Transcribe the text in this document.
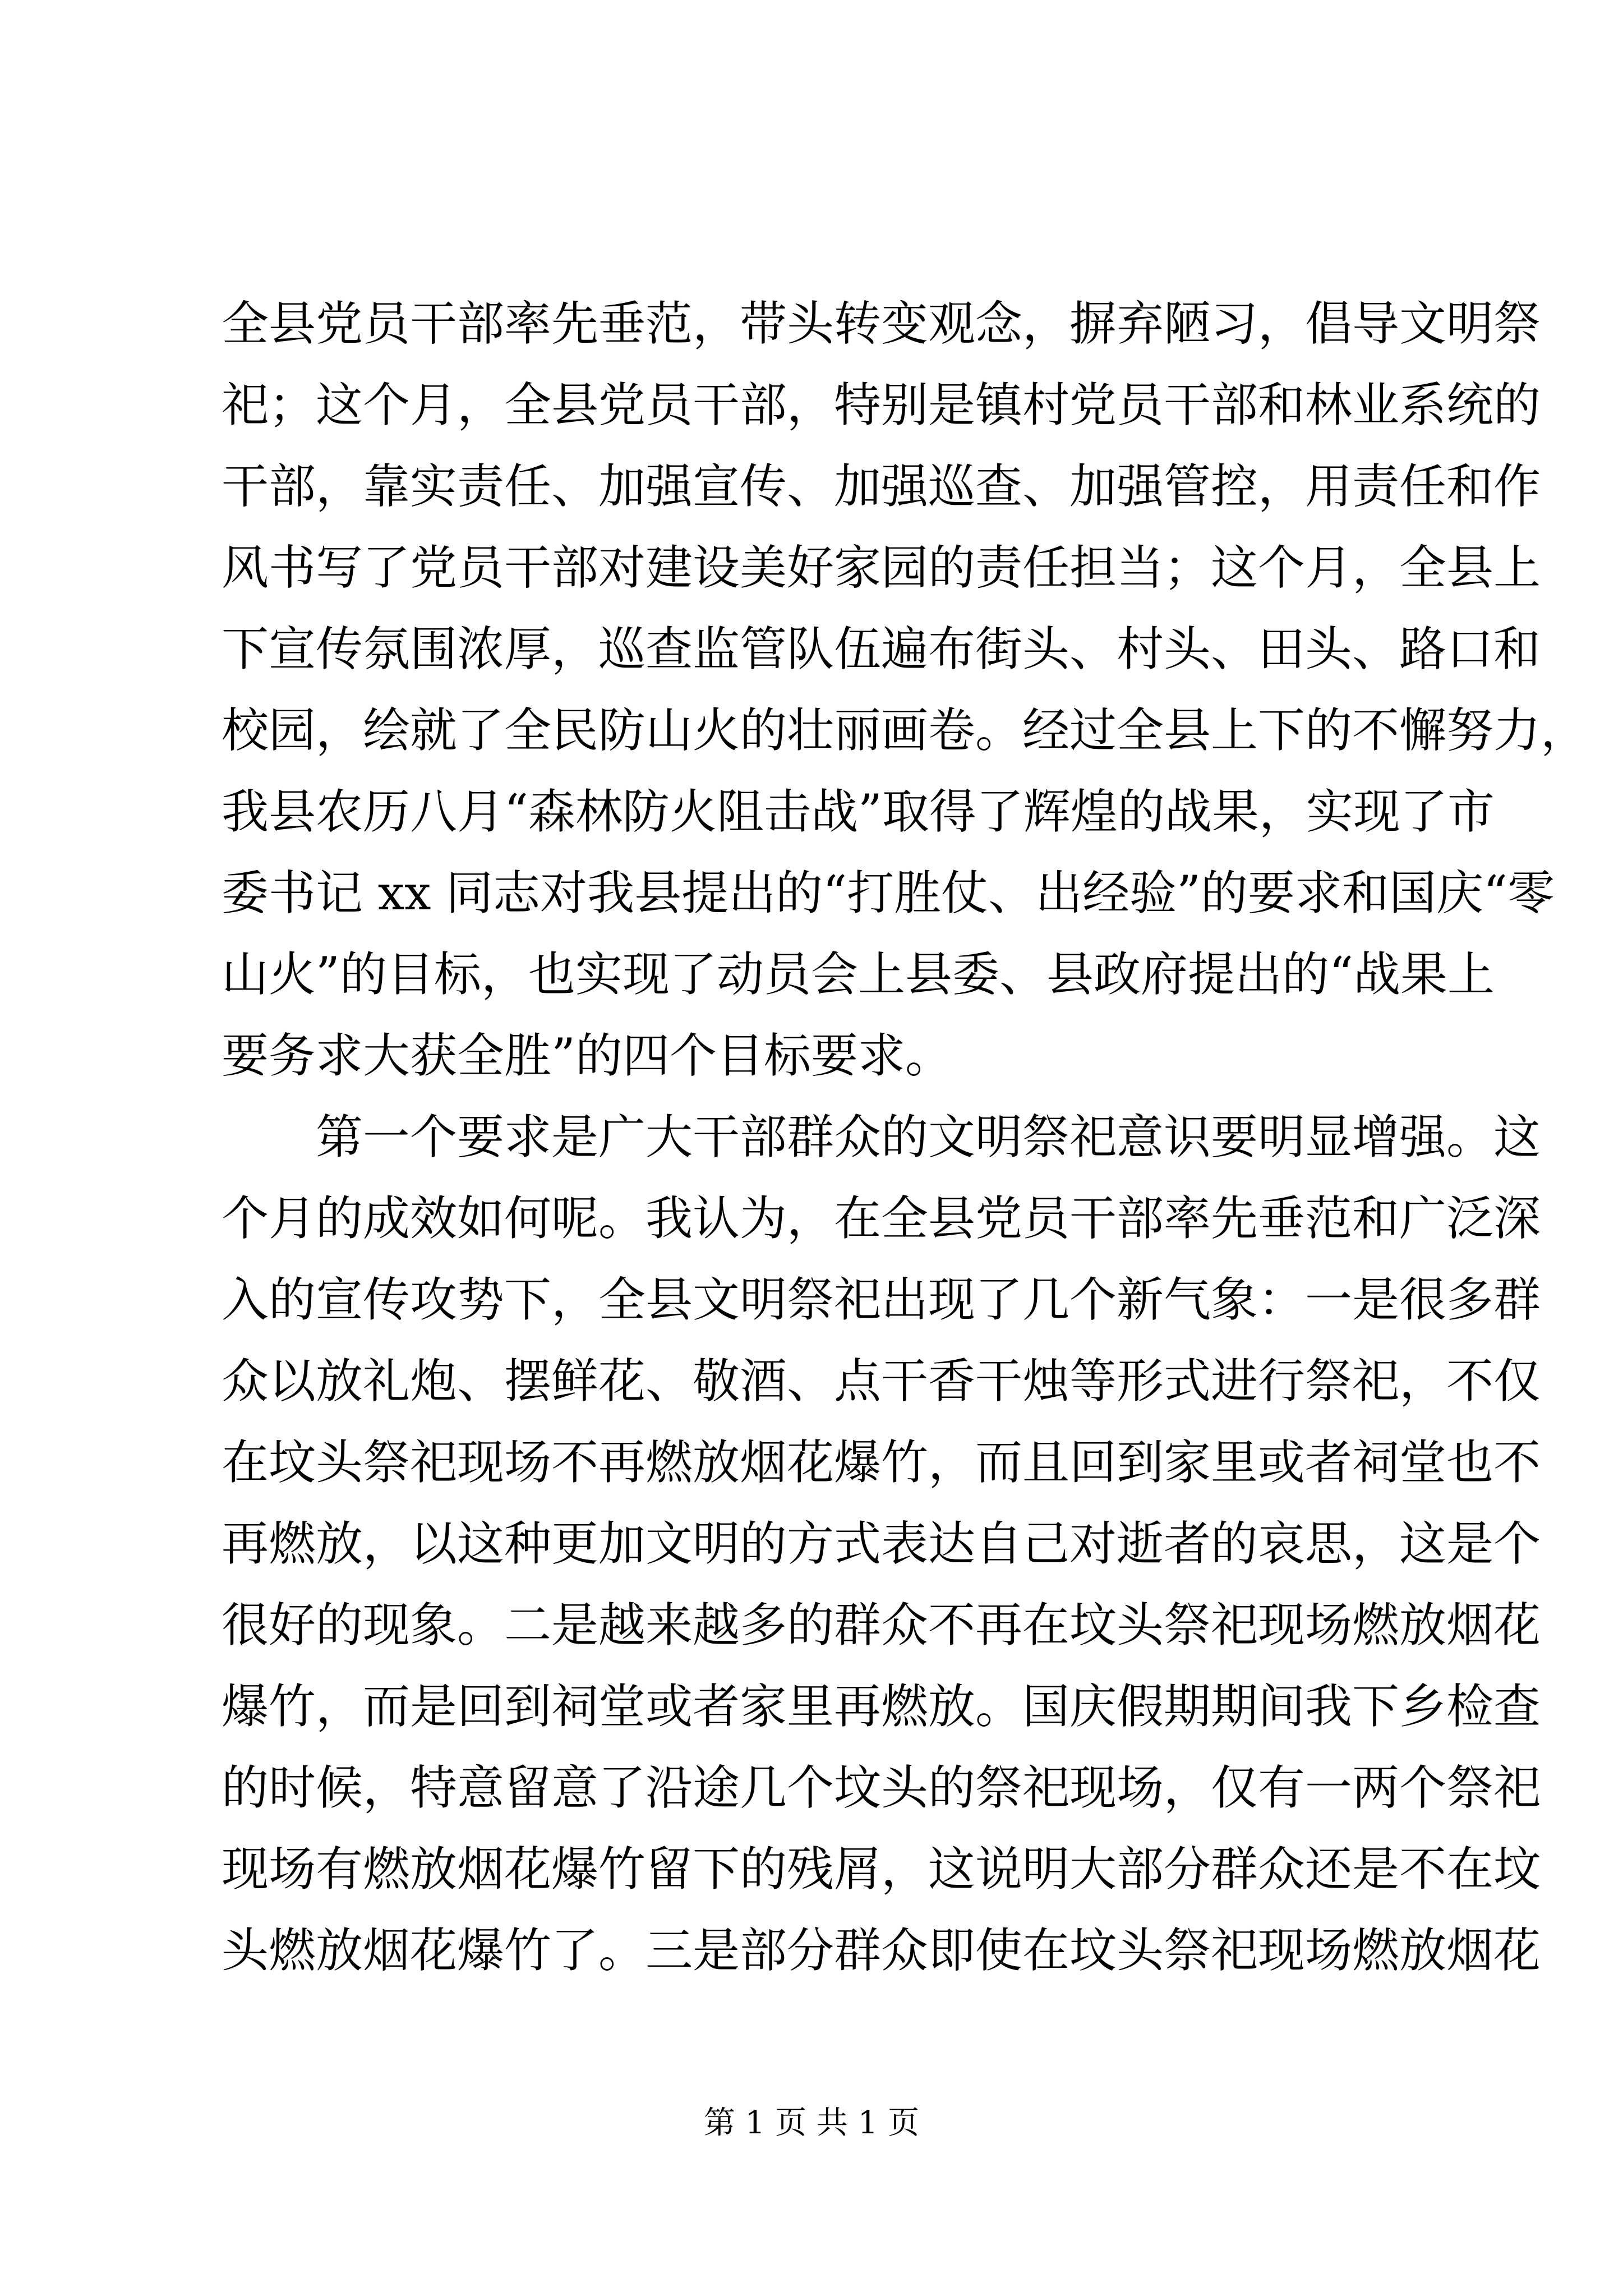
全县党员干部率先垂范，带头转变观念，摒弃陋习，倡导文明祭
祀；这个月，全县党员干部，特别是镇村党员干部和林业系统的
干部，靠实责任、加强宣传、加强巡查、加强管控，用责任和作
风书写了党员干部对建设美好家园的责任担当；这个月，全县上
下宣传氛围浓厚，巡查监管队伍遍布街头、村头、田头、路口和
校园，绘就了全民防山火的壮丽画卷。经过全县上下的不懈努力，
我县农历八月“森林防火阻击战”取得了辉煌的战果，实现了市
委书记 xx 同志对我县提出的“打胜仗、出经验”的要求和国庆“零
山火”的目标，也实现了动员会上县委、县政府提出的“战果上
要务求大获全胜”的四个目标要求。
　　第一个要求是广大干部群众的文明祭祀意识要明显增强。这
个月的成效如何呢。我认为，在全县党员干部率先垂范和广泛深
入的宣传攻势下，全县文明祭祀出现了几个新气象：一是很多群
众以放礼炮、摆鲜花、敬酒、点干香干烛等形式进行祭祀，不仅
在坟头祭祀现场不再燃放烟花爆竹，而且回到家里或者祠堂也不
再燃放，以这种更加文明的方式表达自己对逝者的哀思，这是个
很好的现象。二是越来越多的群众不再在坟头祭祀现场燃放烟花
爆竹，而是回到祠堂或者家里再燃放。国庆假期期间我下乡检查
的时候，特意留意了沿途几个坟头的祭祀现场，仅有一两个祭祀
现场有燃放烟花爆竹留下的残屑，这说明大部分群众还是不在坟
头燃放烟花爆竹了。三是部分群众即使在坟头祭祀现场燃放烟花
第 1 页 共 1 页
